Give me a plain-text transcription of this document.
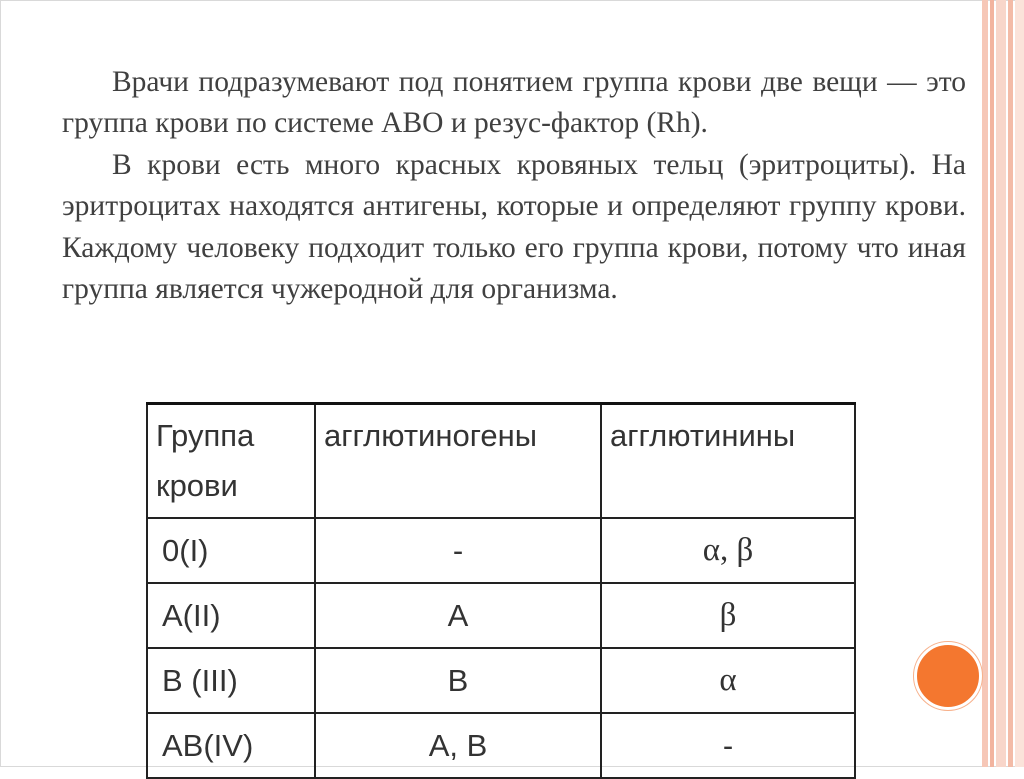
Врачи подразумевают под понятием группа крови две вещи — это группа крови по системе АВО и резус-фактор (Rh).

В крови есть много красных кровяных тельц (эритроциты). На эритроцитах находятся антигены, которые и определяют группу крови. Каждому человеку подходит только его группа крови, потому что иная группа является чужеродной для организма.

Группа крови	агглютиногены	агглютинины
0(I)	-	α, β
A(II)	A	β
B (III)	B	α
AB(IV)	A, B	-
